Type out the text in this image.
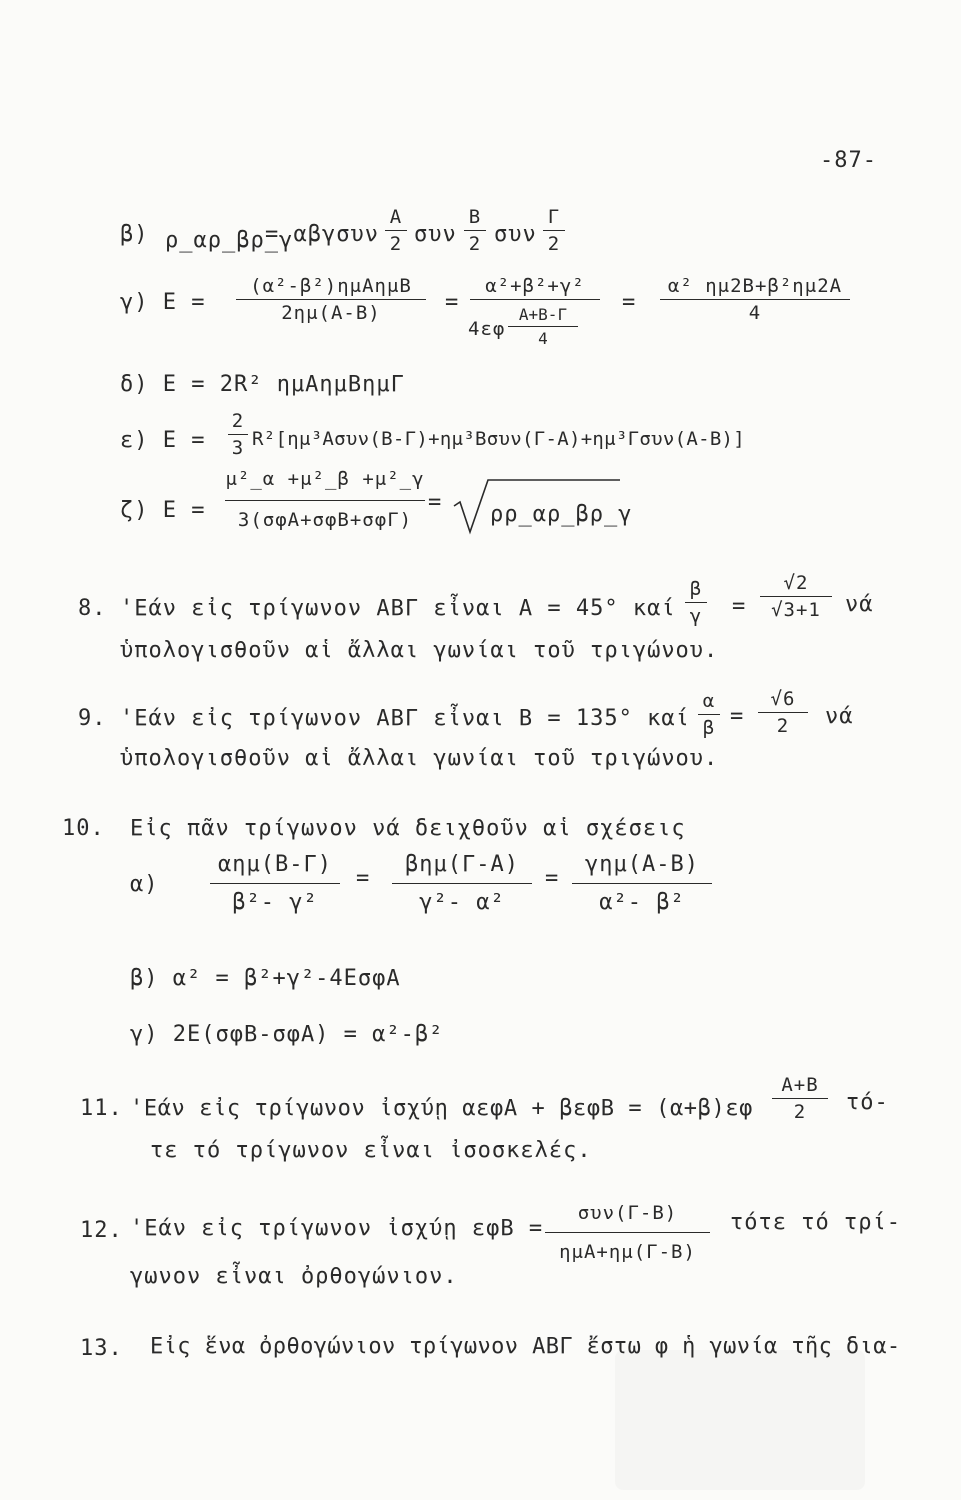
-87-
β) ρ_αρ_βρ_γ
= αβγσυν
A
2 συν
B
2 συν
Γ
2
γ) E =
(α²-β²)ημΑημΒ
2ημ(A-B)	=
α²+β²+γ²
4εφ
A+B-Γ
4
=
α² ημ2B+β²ημ2A
4
δ) E = 2R² ημΑημΒημΓ
ε) E =
2
3 R²[ημ³Ασυν(B-Γ)+ημ³Bσυν(Γ-A)+ημ³Γσυν(A-B)]
ζ) E =
μ²_α +μ²_β +μ²_γ
3(σφΑ+σφΒ+σφΓ)
= ρρ_αρ_βρ_γ
8. 'Εάν εἰς τρίγωνον ΑΒΓ εἶναι Α = 45° καί
β
γ =
√2
√3+1	νά
ὑπολογισθοῦν αἱ ἄλλαι γωνίαι τοῦ τριγώνου.
9. 'Εάν εἰς τρίγωνον ΑΒΓ εἶναι Β = 135° καί
α
β =
√6
2	νά
ὑπολογισθοῦν αἱ ἄλλαι γωνίαι τοῦ τριγώνου.
10. Εἰς πᾶν τρίγωνον νά δειχθοῦν αἱ σχέσεις
α)
αημ(B-Γ)
β²- γ²
=
βημ(Γ-A)
γ²- α²
=
γημ(A-B)
α²- β²
β) α² = β²+γ²-4EσφΑ
γ) 2E(σφΒ-σφΑ) = α²-β²
11. 'Εάν εἰς τρίγωνον ἰσχύῃ αεφΑ + βεφΒ = (α+β)εφ
A+B
2	τό-
τε τό τρίγωνον εἶναι ἰσοσκελές.
12. 'Εάν εἰς τρίγωνον ἰσχύῃ εφΒ =
συν(Γ-B)
ημΑ+ημ(Γ-B)
τότε τό τρί-
γωνον εἶναι ὀρθογώνιον.
13. Εἰς ἕνα ὀρθογώνιον τρίγωνον ΑΒΓ ἔστω φ ἡ γωνία τῆς δια-
